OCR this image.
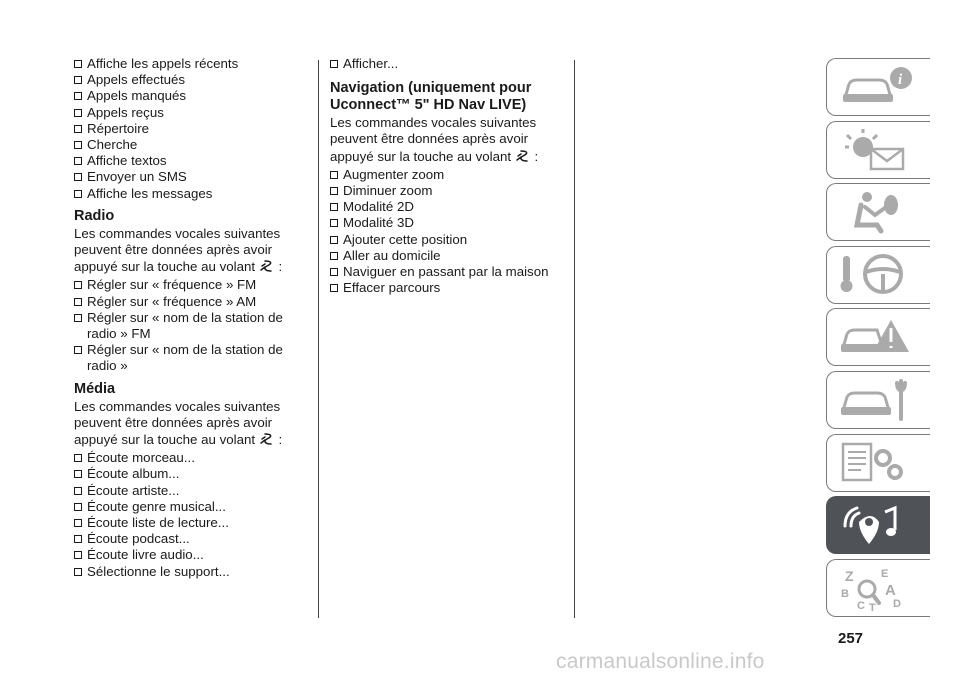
Affiche les appels récents
Appels effectués
Appels manqués
Appels reçus
Répertoire
Cherche
Affiche textos
Envoyer un SMS
Affiche les messages
Radio

Les commandes vocales suivantes peuvent être données après avoir appuyé sur la touche au volant :

Régler sur « fréquence » FM
Régler sur « fréquence » AM
Régler sur « nom de la station de radio » FM
Régler sur « nom de la station de radio »
Média

Les commandes vocales suivantes peuvent être données après avoir appuyé sur la touche au volant :

Écoute morceau...
Écoute album...
Écoute artiste...
Écoute genre musical...
Écoute liste de lecture...
Écoute podcast...
Écoute livre audio...
Sélectionne le support...
Afficher...
Navigation (uniquement pour Uconnect™ 5" HD Nav LIVE)

Les commandes vocales suivantes peuvent être données après avoir appuyé sur la touche au volant :

Augmenter zoom
Diminuer zoom
Modalité 2D
Modalité 3D
Ajouter cette position
Aller au domicile
Naviguer en passant par la maison
Effacer parcours
i
Z E
A
B
C	D
T
257
carmanualsonline.info
